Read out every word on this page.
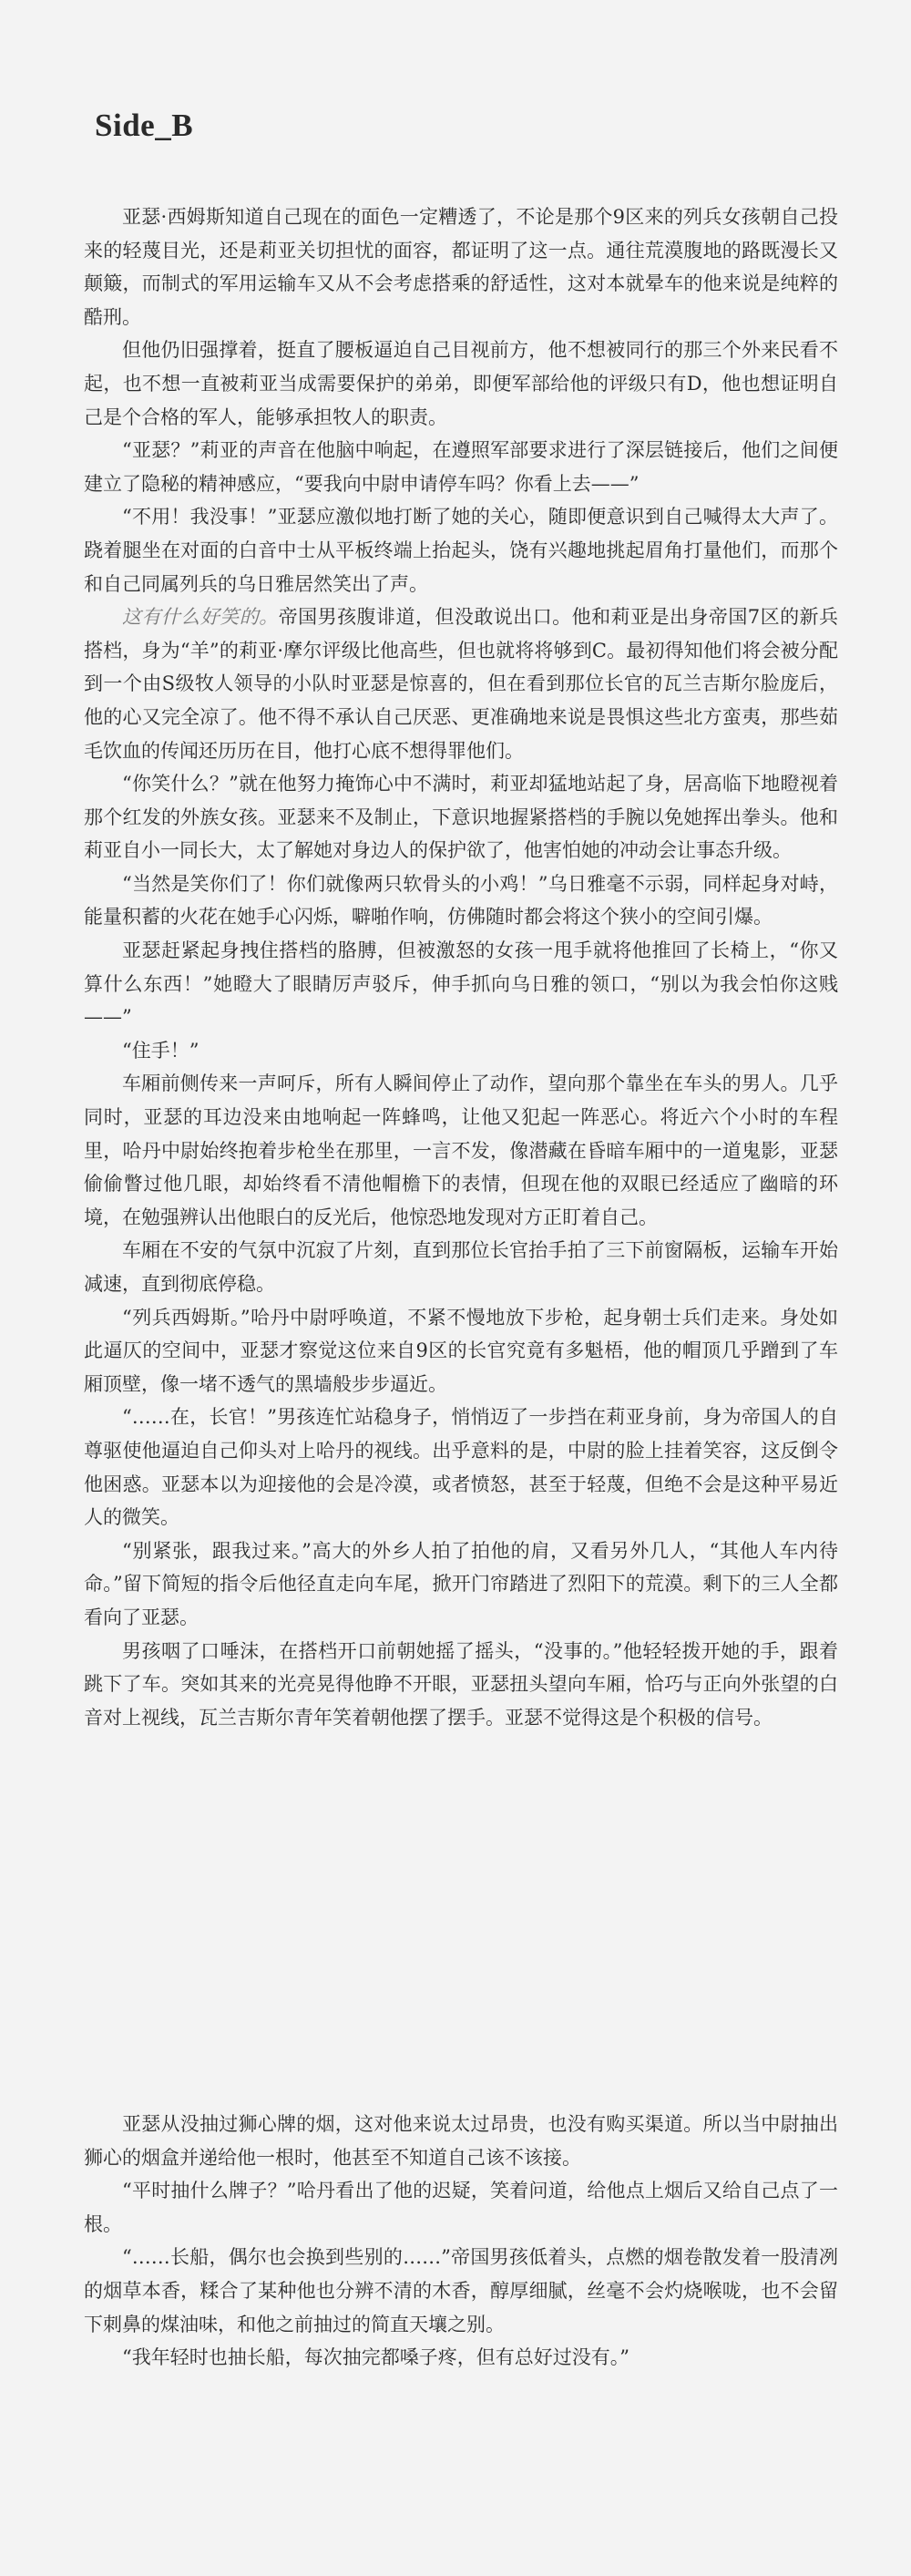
Side_B

亚瑟·西姆斯知道自己现在的面色一定糟透了，不论是那个9区来的列兵女孩朝自己投来的轻蔑目光，还是莉亚关切担忧的面容，都证明了这一点。通往荒漠腹地的路既漫长又颠簸，而制式的军用运输车又从不会考虑搭乘的舒适性，这对本就晕车的他来说是纯粹的酷刑。

但他仍旧强撑着，挺直了腰板逼迫自己目视前方，他不想被同行的那三个外来民看不起，也不想一直被莉亚当成需要保护的弟弟，即便军部给他的评级只有D，他也想证明自己是个合格的军人，能够承担牧人的职责。

“亚瑟？”莉亚的声音在他脑中响起，在遵照军部要求进行了深层链接后，他们之间便建立了隐秘的精神感应，“要我向中尉申请停车吗？你看上去——”

“不用！我没事！”亚瑟应激似地打断了她的关心，随即便意识到自己喊得太大声了。跷着腿坐在对面的白音中士从平板终端上抬起头，饶有兴趣地挑起眉角打量他们，而那个和自己同属列兵的乌日雅居然笑出了声。

这有什么好笑的。帝国男孩腹诽道，但没敢说出口。他和莉亚是出身帝国7区的新兵搭档，身为“羊”的莉亚·摩尔评级比他高些，但也就将将够到C。最初得知他们将会被分配到一个由S级牧人领导的小队时亚瑟是惊喜的，但在看到那位长官的瓦兰吉斯尔脸庞后，他的心又完全凉了。他不得不承认自己厌恶、更准确地来说是畏惧这些北方蛮夷，那些茹毛饮血的传闻还历历在目，他打心底不想得罪他们。

“你笑什么？”就在他努力掩饰心中不满时，莉亚却猛地站起了身，居高临下地瞪视着那个红发的外族女孩。亚瑟来不及制止，下意识地握紧搭档的手腕以免她挥出拳头。他和莉亚自小一同长大，太了解她对身边人的保护欲了，他害怕她的冲动会让事态升级。

“当然是笑你们了！你们就像两只软骨头的小鸡！”乌日雅毫不示弱，同样起身对峙，能量积蓄的火花在她手心闪烁，噼啪作响，仿佛随时都会将这个狭小的空间引爆。

亚瑟赶紧起身拽住搭档的胳膊，但被激怒的女孩一甩手就将他推回了长椅上，“你又算什么东西！”她瞪大了眼睛厉声驳斥，伸手抓向乌日雅的领口，“别以为我会怕你这贱——”

“住手！”

车厢前侧传来一声呵斥，所有人瞬间停止了动作，望向那个靠坐在车头的男人。几乎同时，亚瑟的耳边没来由地响起一阵蜂鸣，让他又犯起一阵恶心。将近六个小时的车程里，哈丹中尉始终抱着步枪坐在那里，一言不发，像潜藏在昏暗车厢中的一道鬼影，亚瑟偷偷瞥过他几眼，却始终看不清他帽檐下的表情，但现在他的双眼已经适应了幽暗的环境，在勉强辨认出他眼白的反光后，他惊恐地发现对方正盯着自己。

车厢在不安的气氛中沉寂了片刻，直到那位长官抬手拍了三下前窗隔板，运输车开始减速，直到彻底停稳。

“列兵西姆斯。”哈丹中尉呼唤道，不紧不慢地放下步枪，起身朝士兵们走来。身处如此逼仄的空间中，亚瑟才察觉这位来自9区的长官究竟有多魁梧，他的帽顶几乎蹭到了车厢顶壁，像一堵不透气的黑墙般步步逼近。

“……在，长官！”男孩连忙站稳身子，悄悄迈了一步挡在莉亚身前，身为帝国人的自尊驱使他逼迫自己仰头对上哈丹的视线。出乎意料的是，中尉的脸上挂着笑容，这反倒令他困惑。亚瑟本以为迎接他的会是冷漠，或者愤怒，甚至于轻蔑，但绝不会是这种平易近人的微笑。

“别紧张，跟我过来。”高大的外乡人拍了拍他的肩，又看另外几人，“其他人车内待命。”留下简短的指令后他径直走向车尾，掀开门帘踏进了烈阳下的荒漠。剩下的三人全都看向了亚瑟。

男孩咽了口唾沫，在搭档开口前朝她摇了摇头，“没事的。”他轻轻拨开她的手，跟着跳下了车。突如其来的光亮晃得他睁不开眼，亚瑟扭头望向车厢，恰巧与正向外张望的白音对上视线，瓦兰吉斯尔青年笑着朝他摆了摆手。亚瑟不觉得这是个积极的信号。

亚瑟从没抽过狮心牌的烟，这对他来说太过昂贵，也没有购买渠道。所以当中尉抽出狮心的烟盒并递给他一根时，他甚至不知道自己该不该接。

“平时抽什么牌子？”哈丹看出了他的迟疑，笑着问道，给他点上烟后又给自己点了一根。

“……长船，偶尔也会换到些别的……”帝国男孩低着头，点燃的烟卷散发着一股清冽的烟草本香，糅合了某种他也分辨不清的木香，醇厚细腻，丝毫不会灼烧喉咙，也不会留下刺鼻的煤油味，和他之前抽过的简直天壤之别。

“我年轻时也抽长船，每次抽完都嗓子疼，但有总好过没有。”
